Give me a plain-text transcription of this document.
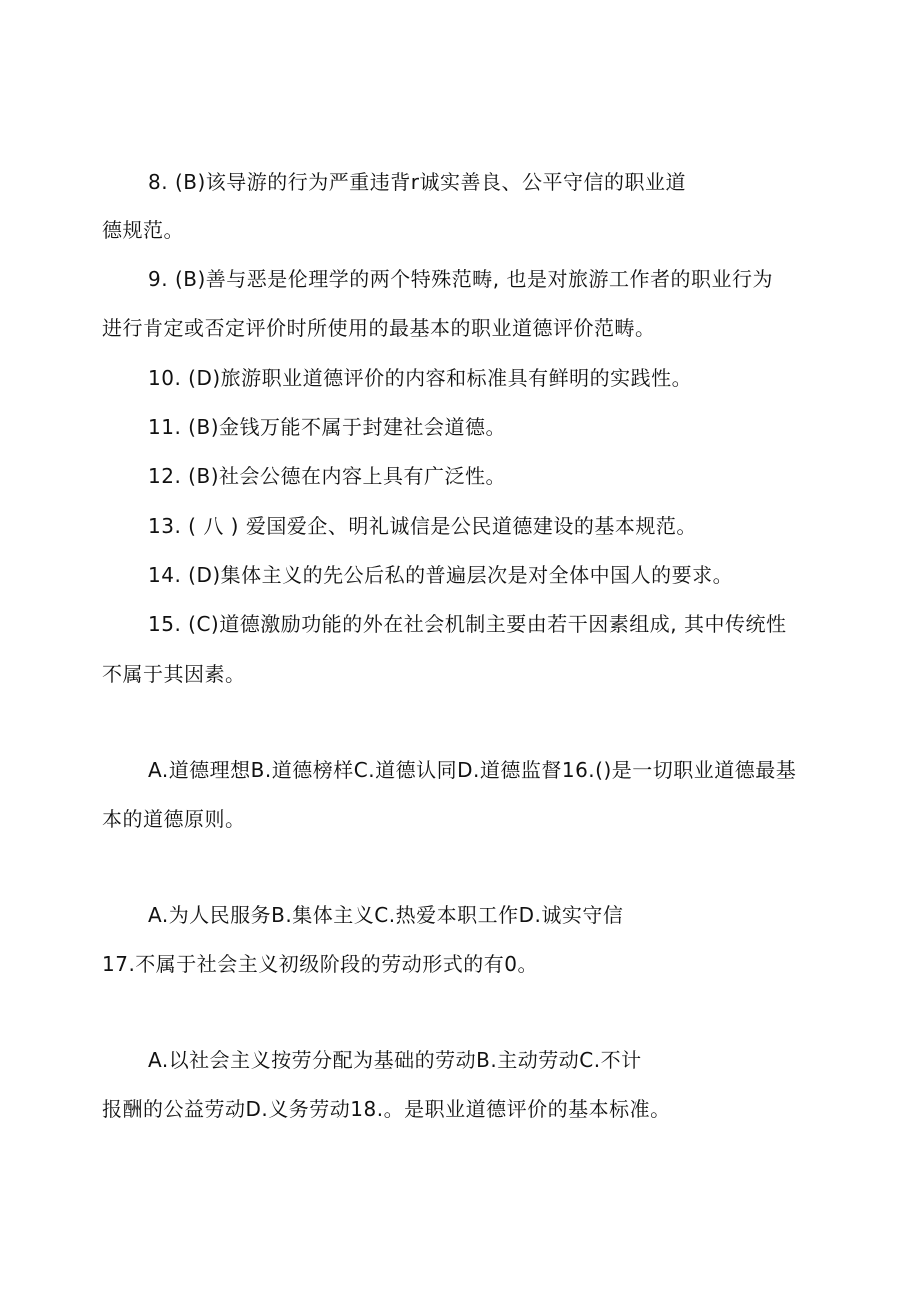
8. (B)该导游的行为严重违背r诚实善良、公平守信的职业道
德规范。
9. (B)善与恶是伦理学的两个特殊范畴, 也是对旅游工作者的职业行为
进行肯定或否定评价时所使用的最基本的职业道德评价范畴。
10. (D)旅游职业道德评价的内容和标准具有鲜明的实践性。
11. (B)金钱万能不属于封建社会道德。
12. (B)社会公德在内容上具有广泛性。
13. ( 八 ) 爱国爱企、明礼诚信是公民道德建设的基本规范。
14. (D)集体主义的先公后私的普遍层次是对全体中国人的要求。
15. (C)道德激励功能的外在社会机制主要由若干因素组成, 其中传统性
不属于其因素。
A.道德理想B.道德榜样C.道德认同D.道德监督16.()是一切职业道德最基
本的道德原则。
A.为人民服务B.集体主义C.热爱本职工作D.诚实守信
17.不属于社会主义初级阶段的劳动形式的有0。
A.以社会主义按劳分配为基础的劳动B.主动劳动C.不计
报酬的公益劳动D.义务劳动18.。是职业道德评价的基本标准。
